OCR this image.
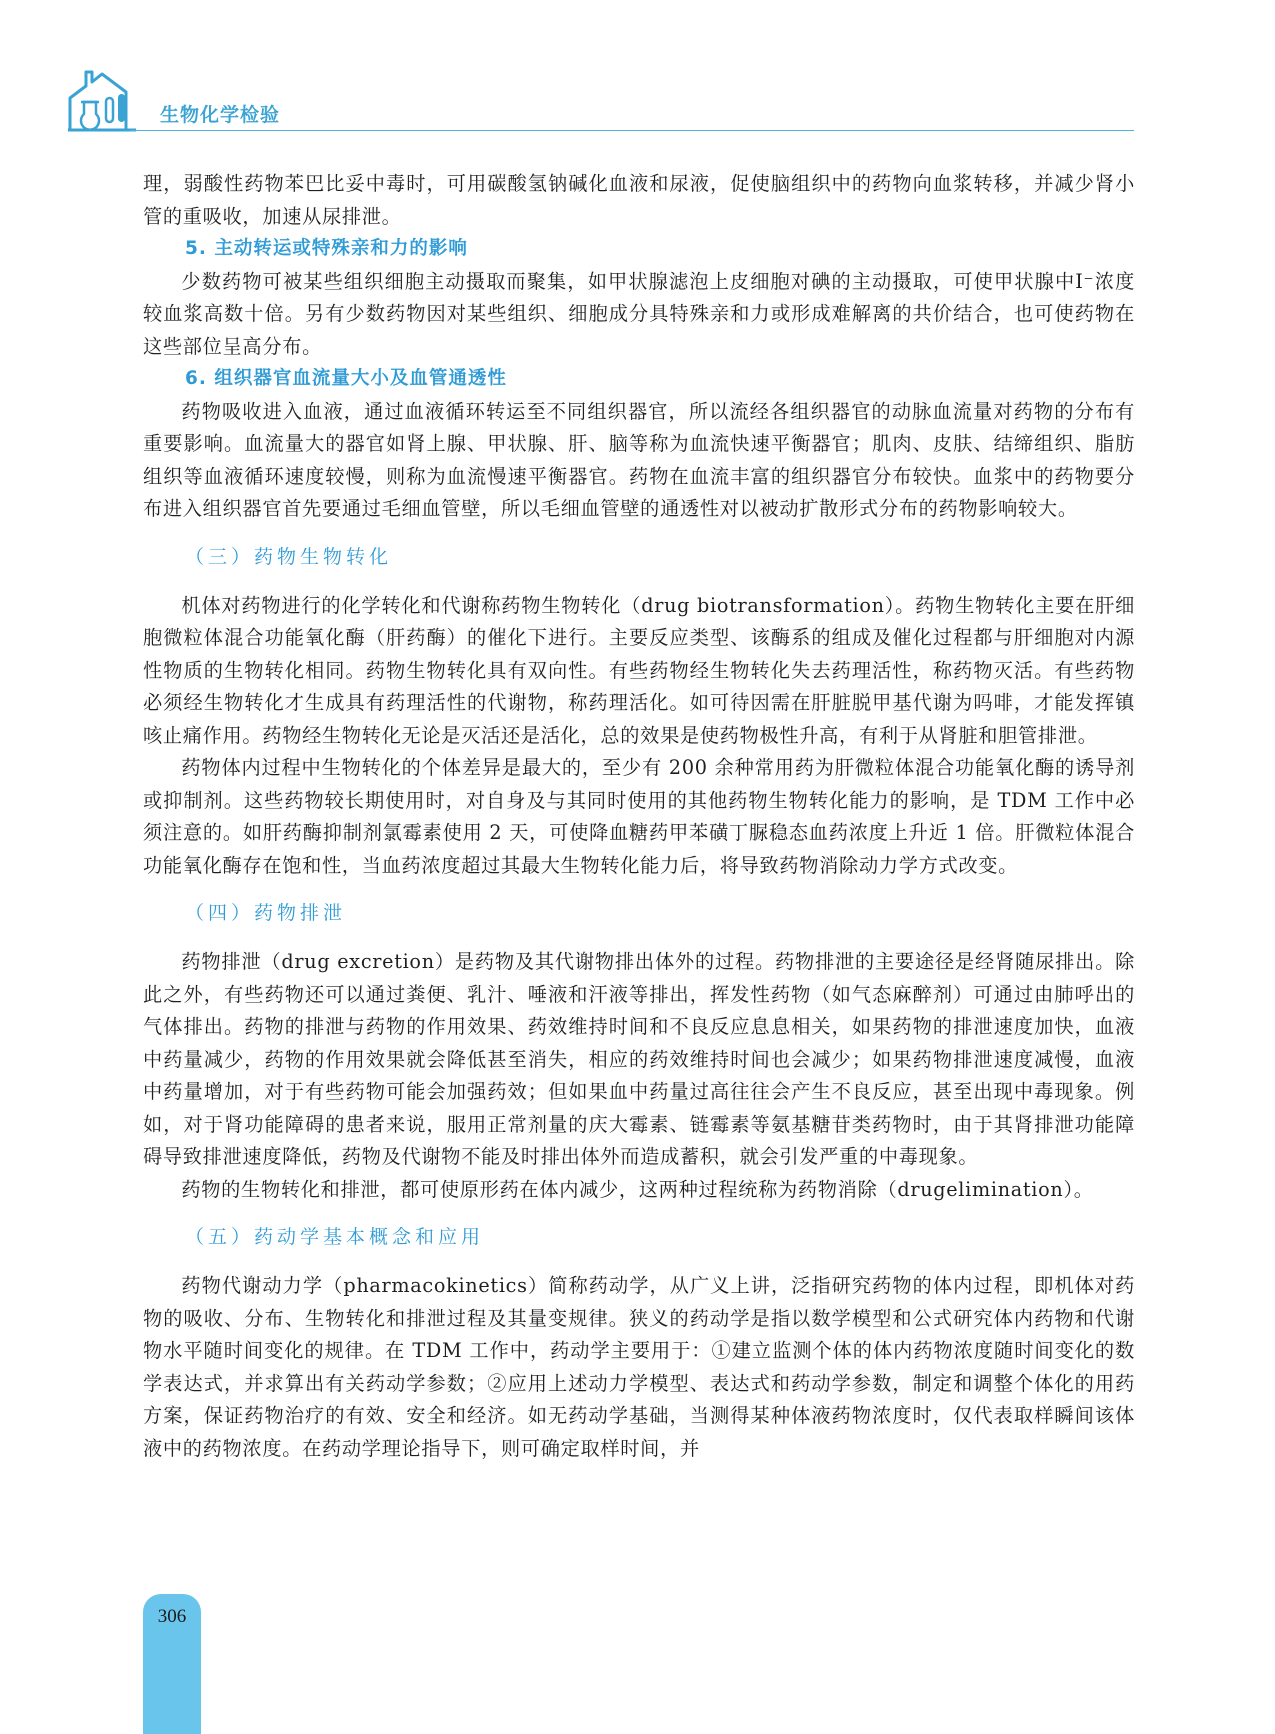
生物化学检验

理，弱酸性药物苯巴比妥中毒时，可用碳酸氢钠碱化血液和尿液，促使脑组织中的药物向血浆转移，并减少肾小管的重吸收，加速从尿排泄。

5. 主动转运或特殊亲和力的影响

少数药物可被某些组织细胞主动摄取而聚集，如甲状腺滤泡上皮细胞对碘的主动摄取，可使甲状腺中I⁻浓度较血浆高数十倍。另有少数药物因对某些组织、细胞成分具特殊亲和力或形成难解离的共价结合，也可使药物在这些部位呈高分布。

6. 组织器官血流量大小及血管通透性

药物吸收进入血液，通过血液循环转运至不同组织器官，所以流经各组织器官的动脉血流量对药物的分布有重要影响。血流量大的器官如肾上腺、甲状腺、肝、脑等称为血流快速平衡器官；肌肉、皮肤、结缔组织、脂肪组织等血液循环速度较慢，则称为血流慢速平衡器官。药物在血流丰富的组织器官分布较快。血浆中的药物要分布进入组织器官首先要通过毛细血管壁，所以毛细血管壁的通透性对以被动扩散形式分布的药物影响较大。

（三）药物生物转化

机体对药物进行的化学转化和代谢称药物生物转化（drug biotransformation）。药物生物转化主要在肝细胞微粒体混合功能氧化酶（肝药酶）的催化下进行。主要反应类型、该酶系的组成及催化过程都与肝细胞对内源性物质的生物转化相同。药物生物转化具有双向性。有些药物经生物转化失去药理活性，称药物灭活。有些药物必须经生物转化才生成具有药理活性的代谢物，称药理活化。如可待因需在肝脏脱甲基代谢为吗啡，才能发挥镇咳止痛作用。药物经生物转化无论是灭活还是活化，总的效果是使药物极性升高，有利于从肾脏和胆管排泄。

药物体内过程中生物转化的个体差异是最大的，至少有 200 余种常用药为肝微粒体混合功能氧化酶的诱导剂或抑制剂。这些药物较长期使用时，对自身及与其同时使用的其他药物生物转化能力的影响，是 TDM 工作中必须注意的。如肝药酶抑制剂氯霉素使用 2 天，可使降血糖药甲苯磺丁脲稳态血药浓度上升近 1 倍。肝微粒体混合功能氧化酶存在饱和性，当血药浓度超过其最大生物转化能力后，将导致药物消除动力学方式改变。

（四）药物排泄

药物排泄（drug excretion）是药物及其代谢物排出体外的过程。药物排泄的主要途径是经肾随尿排出。除此之外，有些药物还可以通过粪便、乳汁、唾液和汗液等排出，挥发性药物（如气态麻醉剂）可通过由肺呼出的气体排出。药物的排泄与药物的作用效果、药效维持时间和不良反应息息相关，如果药物的排泄速度加快，血液中药量减少，药物的作用效果就会降低甚至消失，相应的药效维持时间也会减少；如果药物排泄速度减慢，血液中药量增加，对于有些药物可能会加强药效；但如果血中药量过高往往会产生不良反应，甚至出现中毒现象。例如，对于肾功能障碍的患者来说，服用正常剂量的庆大霉素、链霉素等氨基糖苷类药物时，由于其肾排泄功能障碍导致排泄速度降低，药物及代谢物不能及时排出体外而造成蓄积，就会引发严重的中毒现象。

药物的生物转化和排泄，都可使原形药在体内减少，这两种过程统称为药物消除（drugelimination）。

（五）药动学基本概念和应用

药物代谢动力学（pharmacokinetics）简称药动学，从广义上讲，泛指研究药物的体内过程，即机体对药物的吸收、分布、生物转化和排泄过程及其量变规律。狭义的药动学是指以数学模型和公式研究体内药物和代谢物水平随时间变化的规律。在 TDM 工作中，药动学主要用于：①建立监测个体的体内药物浓度随时间变化的数学表达式，并求算出有关药动学参数；②应用上述动力学模型、表达式和药动学参数，制定和调整个体化的用药方案，保证药物治疗的有效、安全和经济。如无药动学基础，当测得某种体液药物浓度时，仅代表取样瞬间该体液中的药物浓度。在药动学理论指导下，则可确定取样时间，并

306
